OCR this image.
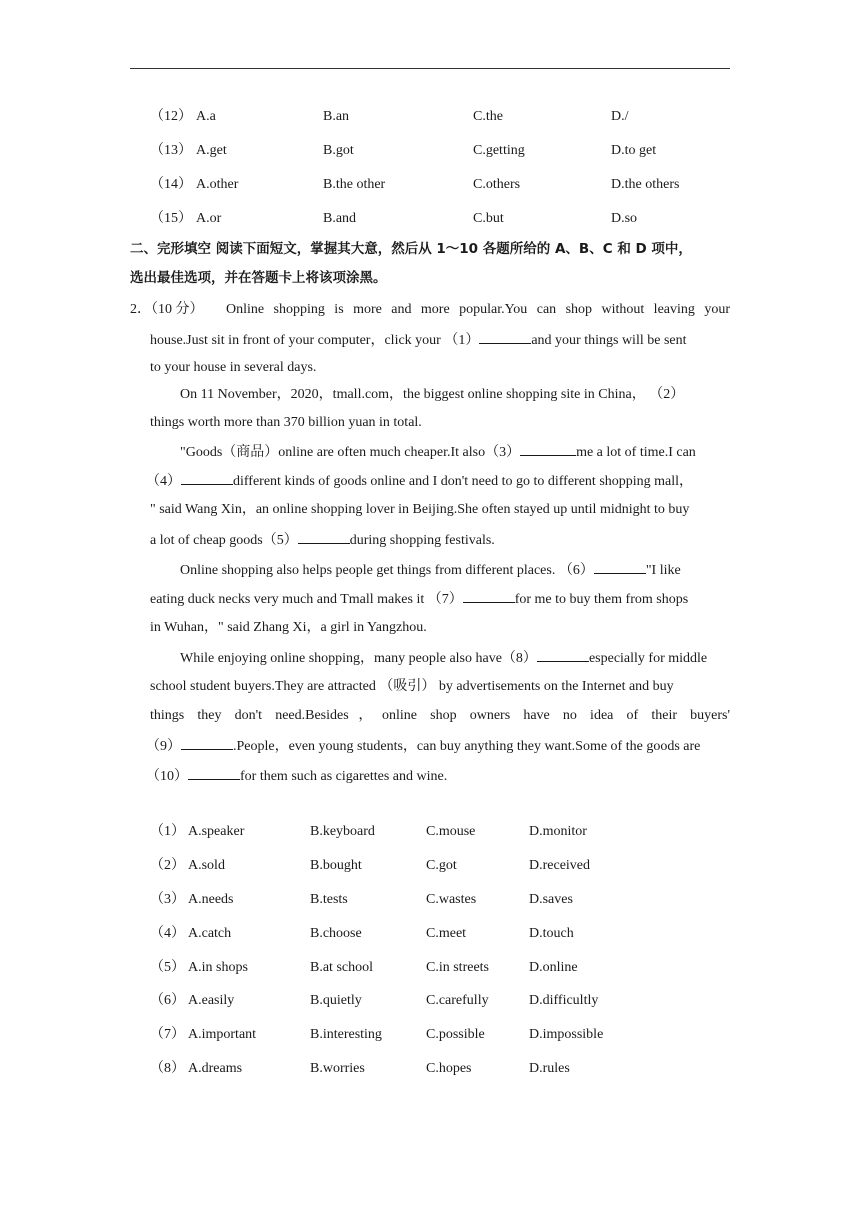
（12） A.a	B.an	C.the	D./
（13） A.get	B.got	C.getting	D.to get
（14） A.other	B.the other	C.others	D.the others
（15） A.or	B.and	C.but	D.so
二、完形填空 阅读下面短文，掌握其大意，然后从 1～10 各题所给的 A、B、C 和 D 项中，
选出最佳选项，并在答题卡上将该项涂黑。
2．（10 分） Online shopping is more and more popular.You can shop without leaving your
house.Just sit in front of your computer，click your （1）	and your things will be sent
to your house in several days.
On 11 November，2020，tmall.com，the biggest online shopping site in China， （2）
things worth more than 370 billion yuan in total.
"Goods（商品）online are often much cheaper.It also（3）	me a lot of time.I can
（4）	different kinds of goods online and I don't need to go to different shopping mall，
" said Wang Xin，an online shopping lover in Beijing.She often stayed up until midnight to buy
a lot of cheap goods（5）	during shopping festivals.
Online shopping also helps people get things from different places. （6）	"I like
eating duck necks very much and Tmall makes it （7）	for me to buy them from shops
in Wuhan，" said Zhang Xi，a girl in Yangzhou.
While enjoying online shopping，many people also have（8）	especially for middle
school student buyers.They are attracted （吸引） by advertisements on the Internet and buy
things they don't need.Besides，online shop owners have no idea of their buyers'
（9）	.People，even young students，can buy anything they want.Some of the goods are
（10）	for them such as cigarettes and wine.
（1） A.speaker	B.keyboard	C.mouse	D.monitor
（2） A.sold	B.bought	C.got	D.received
（3） A.needs	B.tests	C.wastes	D.saves
（4） A.catch	B.choose	C.meet	D.touch
（5） A.in shops	B.at school	C.in streets	D.online
（6） A.easily	B.quietly	C.carefully	D.difficultly
（7） A.important	B.interesting	C.possible	D.impossible
（8） A.dreams	B.worries	C.hopes	D.rules
